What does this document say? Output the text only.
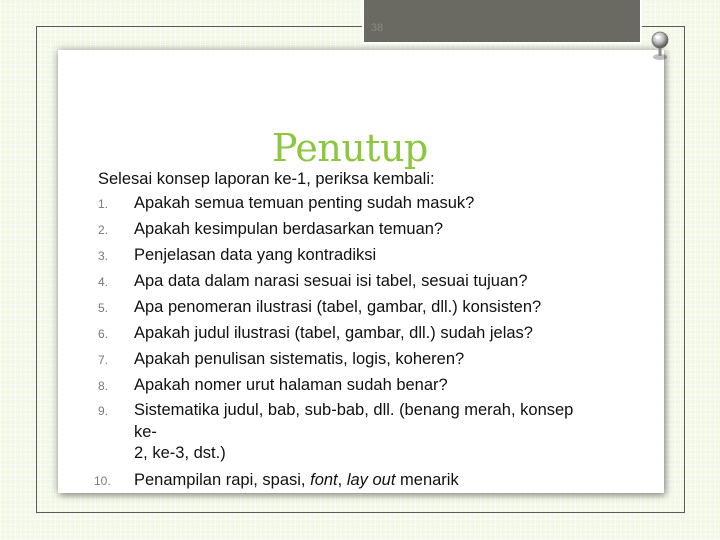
38
Penutup

Selesai konsep laporan ke-1, periksa kembali:

1. Apakah semua temuan penting sudah masuk?
2. Apakah kesimpulan berdasarkan temuan?
3. Penjelasan data yang kontradiksi
4. Apa data dalam narasi sesuai isi tabel, sesuai tujuan?
5. Apa penomeran ilustrasi (tabel, gambar, dll.) konsisten?
6. Apakah judul ilustrasi (tabel, gambar, dll.) sudah jelas?
7. Apakah penulisan sistematis, logis, koheren?
8. Apakah nomer urut halaman sudah benar?
9. Sistematika judul, bab, sub-bab, dll. (benang merah, konsep
ke-
2, ke-3, dst.)
10. Penampilan rapi, spasi, font, lay out menarik
